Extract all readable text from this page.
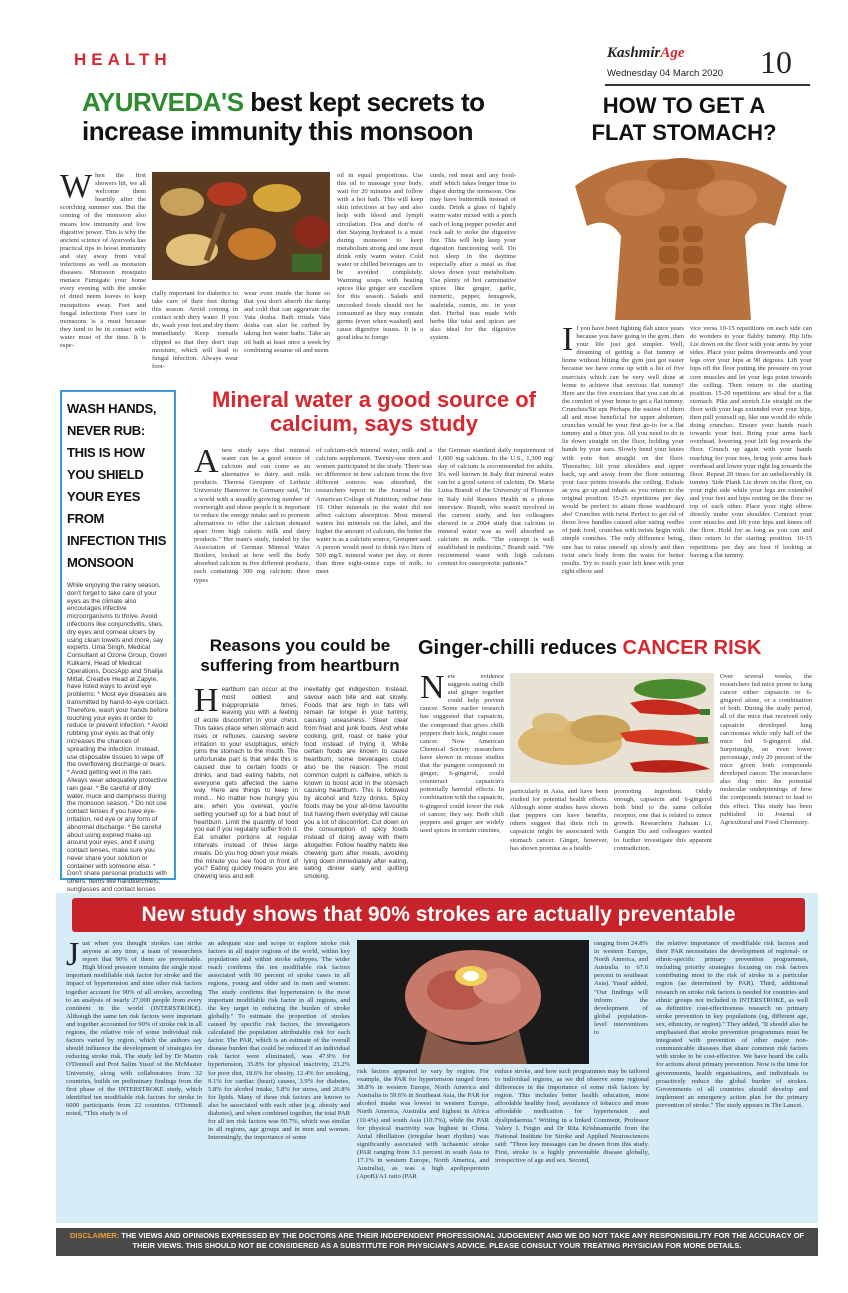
HEALTH	KashmirAge
Wednesday 04 March 2020 10
AYURVEDA'S best kept secrets to
increase immunity this monsoon
When the first showers hit, we all welcome them heartily after the scorching summer sun. But the coming of the monsoon also means low immunity and low digestive power. This is why the ancient science of Ayurveda has practical tips to boost immunity and stay away from viral infections as well as monsoon diseases. Monsoon mosquito menace Fumigate your home every evening with the smoke of dried neem leaves to keep mosquitoes away. Feet and fungal infections Foot care in monsoons is a must because they tend to be in contact with water most of the time. It is espe-
cially important for diabetics to take care of their feet during this season. Avoid coming in contact with dirty water. If you do, wash your feet and dry them immediately. Keep toenails clipped so that they don't trap moisture, which will lead to fungal infection. Always wear foot-
wear even inside the home so that you don't absorb the damp and cold that can aggravate the Vata dosha. Bath rituals Vata dosha can also be curbed by taking hot water baths. Take an oil bath at least once a week by combining sesame oil and neem
oil in equal proportions. Use this oil to massage your body, wait for 20 minutes and follow with a hot bath. This will keep skin infections at bay and also help with blood and lymph circulation. Dos and don'ts of diet Staying hydrated is a must during monsoon to keep metabolism strong and one must drink only warm water. Cold water or chilled beverages are to be avoided completely. Warming soups with heating spices like ginger are excellent for this season. Salads and uncooked foods should not be consumed as they may contain germs (even when washed) and cause digestive issues. It is a good idea to forego
curds, red meat and any food-stuff which takes longer time to digest during the monsoon. One may have buttermilk instead of curds. Drink a glass of lightly warm water mixed with a pinch each of long pepper powder and rock salt to stoke the digestive fire. This will help keep your digestion functioning well. Do not sleep in the daytime especially after a meal as that slows down your metabolism. Use plenty of hot carminative spices like ginger, garlic, turmeric, pepper, fenugreek, asafetida, cumin, etc. in your diet. Herbal teas made with herbs like tulsi and spices are also ideal for the digestive system.
HOW TO GET A
FLAT STOMACH?
If you have been fighting flab since years because you have going to the gym, then your life just got simpler. Well, dreaming of getting a flat tummy at home without hitting the gym just got easier because we have come up with a list of five exercises which can be very well done at home to achieve that envious flat tummy! Here are the five exercises that you can do at the comfort of your home to get a flat tummy. Crunches/Sit ups Perhaps the easiest of them all and most beneficial for upper abdomen, crunches would be your first go-to for a flat tummy and a fitter you. All you need to do is lie down straight on the floor, holding your hands by your ears. Slowly bend your knees with your feet straight on the floor. Thereafter, lift your shoulders and upper back, up and away from the floor ensuring your face points towards the ceiling. Exhale as you go up and inhale as you return to the original position. 15-25 repetitions per day would be perfect to attain those washboard abs! Crunches with twist Perfect to get rid of those love handles caused after eating oodles of junk food, crunches with twists begin with simple crunches. The only difference being, one has to raise oneself up slowly and then twist one's body from the waist for better results. Try to touch your left knee with your right elbow and
vice versa 10-15 repetitions on each side can do wonders to your flabby tummy. Hip lifts Lie down on the floor with your arms by your sides. Place your palms downwards and your legs over your hips at 90 degrees. Lift your hips off the floor putting the pressure on your core muscles and let your legs point towards the ceiling. Then return to the starting position. 15-20 repetitions are ideal for a flat stomach. Pike and stretch Lie straight on the floor with your legs extended over your hips, then pull yourself up, like one would do while doing crunches. Ensure your hands reach towards your feet. Bring your arms back overhead, lowering your left leg towards the floor. Crunch up again with your hands reaching for your toes, bring your arms back overhead and lower your right leg towards the floor. Repeat 20 times for an unbelievably fit tummy. Side Plank Lie down on the floor, on your right side while your legs are extended and your feet and hips resting on the floor on top of each other. Place your right elbow directly under your shoulder. Contract your core muscles and lift your hips and knees off the floor. Hold for as long as you can and then return to the starting position. 10-15 repetitions per day are best if looking at having a flat tummy.
WASH HANDS, NEVER RUB: THIS IS HOW YOU SHIELD YOUR EYES FROM INFECTION THIS MONSOON
While enjoying the rainy season, don't forget to take care of your eyes as the climate also encourages infective microorganisms to thrive. Avoid infections like conjunctivitis, sties, dry eyes and corneal ulcers by using clean towels and more, say experts. Uma Singh, Medical Consultant at Ozone Group, Gowri Kulkarni, Head of Medical Operations, DocsApp and Shailja Mittal, Creative Head at Zapyle, have listed ways to avoid eye problems: * Most eye diseases are transmitted by hand-to-eye contact. Therefore, wash your hands before touching your eyes in order to reduce or prevent infection. * Avoid rubbing your eyes as that only increases the chances of spreading the infection. Instead, use disposable tissues to wipe off the overflowing discharge or tears. * Avoid getting wet in the rain. Always wear adequately protective rain gear. * Be careful of dirty water, muck and dampness during the monsoon season. * Do not use contact lenses if you have eye-irritation, red eye or any form of abnormal discharge. * Be careful about using expired make-up around your eyes, and if using contact lenses, make sure you never share your solution or container with someone else. * Don't share personal products with others. Items like handkerchiefs, sunglasses and contact lenses
Mineral water a good source of calcium, says study
Anew study says that mineral water can be a good source of calcium and can come as an alternative to dairy and milk products. Theresa Greupner of Leibniz University Hannover in Germany said, "In a world with a steadily growing number of overweight and obese people it is important to reduce the energy intake and to promote alternatives to offer the calcium demand apart from high caloric milk and dairy products." Her team's study, funded by the Association of German Mineral Water Bottlers, looked at how well the body absorbed calcium in five different products, each containing 300 mg calcium: three types
of calcium-rich mineral water, milk and a calcium supplement. Twenty-one men and women participated in the study. There was no difference in how calcium from the five different sources was absorbed, the researchers report in the Journal of the American College of Nutrition, online June 19. Other minerals in the water did not affect calcium absorption. Most mineral waters list minerals on the label, and the higher the amount of calcium, the better the water is as a calcium source, Greupner said. A person would need to drink two liters of 500 mg/L mineral water per day, or more than three eight-ounce cups of milk, to meet
the German standard daily requirement of 1,000 mg calcium. In the U.S., 1,300 mg/ day of calcium is recommended for adults. It's well known in Italy that mineral water can be a good source of calcium, Dr. Maria Luisa Brandi of the University of Florence in Italy told Reuters Health in a phone interview. Brandi, who wasn't involved in the current study, and her colleagues showed in a 2004 study that calcium in mineral water was as well absorbed as calcium in milk. "The concept is well established in medicine," Brandi said. "We recommend water with high calcium content for osteoporotic patients."
Reasons you could be
suffering from heartburn
Heartburn can occur at the most oddest and inappropriate times, leaving you with a feeling of acute discomfort in your chest. This takes place when stomach acid rises or refluxes, causing severe irritation to your esophagus, which joins the stomach to the mouth. The unfortunate part is that while this is caused due to certain foods or drinks, and bad eating habits, not everyone gets affected the same way. Here are things to keep in mind... No matter how hungry you are, when you overeat, you're setting yourself up for a bad bout of heartburn. Limit the quantity of food you eat if you regularly suffer from it. Eat smaller portions at regular intervals instead of three large meals. Do you hog down your meals the minute you see food in front of you? Eating quickly means you are chewing less and will
inevitably get indigestion. Instead, savour each bite and eat slowly. Foods that are high in fats will remain far longer in your tummy, causing uneasiness. Steer clear from fried and junk foods. And while cooking, grill, roast or bake your food instead of frying it. While certain foods are known to cause heartburn, some beverages could also be the reason. The most common culprit is caffeine, which is known to boost acid in the stomach causing heartburn. This is followed by alcohol and fizzy drinks. Spicy foods may be your all-time favourite but having them everyday will cause you a lot of discomfort. Cut down on the consumption of spicy foods instead of doing away with them altogether. Follow healthy habits like chewing gum after meals, avoiding lying down immediately after eating, eating dinner early and quitting smoking.
Ginger-chilli reduces CANCER RISK
New evidence suggests eating chilli and ginger together could help prevent cancer. Some earlier research has suggested that capsaicin, the compound that gives chilli peppers their kick, might cause cancer. Now American Chemical Society researchers have shown in mouse studies that the pungent compound in ginger, 6-gingerol, could counteract capsaicin's potentially harmful effects. In combination with the capsaicin, 6-gingerol could lower the risk of cancer, they say. Both chili peppers and ginger are widely used spices in certain cuisines,
particularly in Asia, and have been studied for potential health effects. Although some studies have shown that peppers can have benefits, others suggest that diets rich in capsaicin might be associated with stomach cancer. Ginger, however, has shown promise as a health-
promoting ingredient. Oddly enough, capsaicin and 6-gingerol both bind to the same cellular receptor, one that is related to tumor growth. Researchers Jiahuan Li, Gangun Du and colleagues wanted to further investigate this apparent contradiction.
Over several weeks, the researchers fed mice prone to lung cancer either capsaicin or 6- gingerol alone, or a combination of both. During the study period, all of the mice that received only capsaicin developed lung carcinomas while only half of the mice fed 6-gingerol did. Surprisingly, an even lower percentage, only 20 percent of the mice given both compounds developed cancer. The researchers also dug into the potential molecular underpinnings of how the compounds interact to lead to this effect. This study has been published in Journal of Agricultural and Food Chemistry.
New study shows that 90% strokes are actually preventable
Just when you thought strokes can strike anyone at any time, a team of researchers report that 90% of them are preventable. High blood pressure remains the single most important modifiable risk factor for stroke and the impact of hypertension and nine other risk factors together account for 90% of all strokes, according to an analysis of nearly 27,000 people from every continent in the world (INTERSTROKE). Although the same ten risk factors were important and together accounted for 90% of stroke risk in all regions, the relative role of some individual risk factors varied by region, which the authors say should influence the development of strategies for reducing stroke risk. The study led by Dr Martin O'Donnell and Prof Salim Yusuf of the McMaster University, along with collaborators from 32 countries, builds on preliminary findings from the first phase of the INTERSTROKE study, which identified ten modifiable risk factors for stroke in 6000 participants from 22 countries. O'Donnell noted, "This study is of
an adequate size and scope to explore stroke risk factors in all major regions of the world, within key populations and within stroke subtypes. The wider reach confirms the ten modifiable risk factors associated with 90 percent of stroke cases in all regions, young and older and in men and women. The study confirms that hypertension is the most important modifiable risk factor in all regions, and the key target in reducing the burden of stroke globally." To estimate the proportion of strokes caused by specific risk factors, the investigators calculated the population attributable risk for each factor. The PAR, which is an estimate of the overall disease burden that could be reduced if an individual risk factor were eliminated, was 47.9% for hypertension, 35.8% for physical inactivity, 23.2% for poor diet, 18.6% for obesity, 12.4% for smoking, 9.1% for cardiac (heart) causes, 3.9% for diabetes, 5.8% for alcohol intake, 5.8% for stress, and 26.8% for lipids. Many of these risk factors are known to also be associated with each other (e.g. obesity and diabetes), and when combined together, the total PAR for all ten risk factors was 90.7%, which was similar in all regions, age groups and in men and women. Interestingly, the importance of some
risk factors appeared to vary by region. For example, the PAR for hypertension ranged from 38.8% in western Europe, North America and Australia to 59.6% in Southeast Asia, the PAR for alcohol intake was lowest in western Europe, North America, Australia and highest in Africa (10.4%) and south Asia (10.7%), while the PAR for physical inactivity was highest in China. Atrial fibrillation (irregular heart rhythm) was significantly associated with ischaemic stroke (PAR ranging from 3.1 percent in south Asia to 17.1% in western Europe, North America, and Australia), as was a high apolipoprotein (ApoB)/A1 ratio (PAR
ranging from 24.8% in western Europe, North America, and Australia to 67.6 percent in southeast Asia). Yusuf added, "Our findings will inform the development of global population-level interventions to
reduce stroke, and how such programmes may be tailored to individual regions, as we did observe some regional differences in the importance of some risk factors by region. This includes better health education, more affordable healthy food, avoidance of tobacco and more affordable medication for hypertension and dyslipidaemia." Writing in a linked Comment, Professor Valery L Feigin and Dr Rita Krishnamurthi from the National Institute for Stroke and Applied Neurosciences said: "Three key messages can be drawn from this study. First, stroke is a highly preventable disease globally, irrespective of age and sex. Second,
the relative importance of modifiable risk factors and their PAR necessitates the development of regional- or ethnic-specific primary prevention programmes, including priority strategies focusing on risk factors contributing most to the risk of stroke in a particular region (as determined by PAR). Third, additional research on stroke risk factors is needed for countries and ethnic groups not included in INTERSTROKE, as well as definitive cost-effectiveness research on primary stroke prevention in key populations (eg, different age, sex, ethnicity, or region)." They added, "It should also be emphasised that stroke prevention programmes must be integrated with prevention of other major non-communicable diseases that share common risk factors with stroke to be cost-effective. We have heard the calls for actions about primary prevention. Now is the time for governments, health organisations, and individuals to proactively reduce the global burden of strokes. Governments of all countries should develop and implement an emergency action plan for the primary prevention of stroke." The study appears in The Lancet.
DISCLAIMER: THE VIEWS AND OPINIONS EXPRESSED BY THE DOCTORS ARE THEIR INDEPENDENT PROFESSIONAL JUDGEMENT AND WE DO NOT TAKE ANY RESPONSIBILITY FOR THE ACCURACY OF THEIR VIEWS. THIS SHOULD NOT BE CONSIDERED AS A SUBSTITUTE FOR PHYSICIAN'S ADVICE. PLEASE CONSULT YOUR TREATING PHYSICIAN FOR MORE DETAILS.
